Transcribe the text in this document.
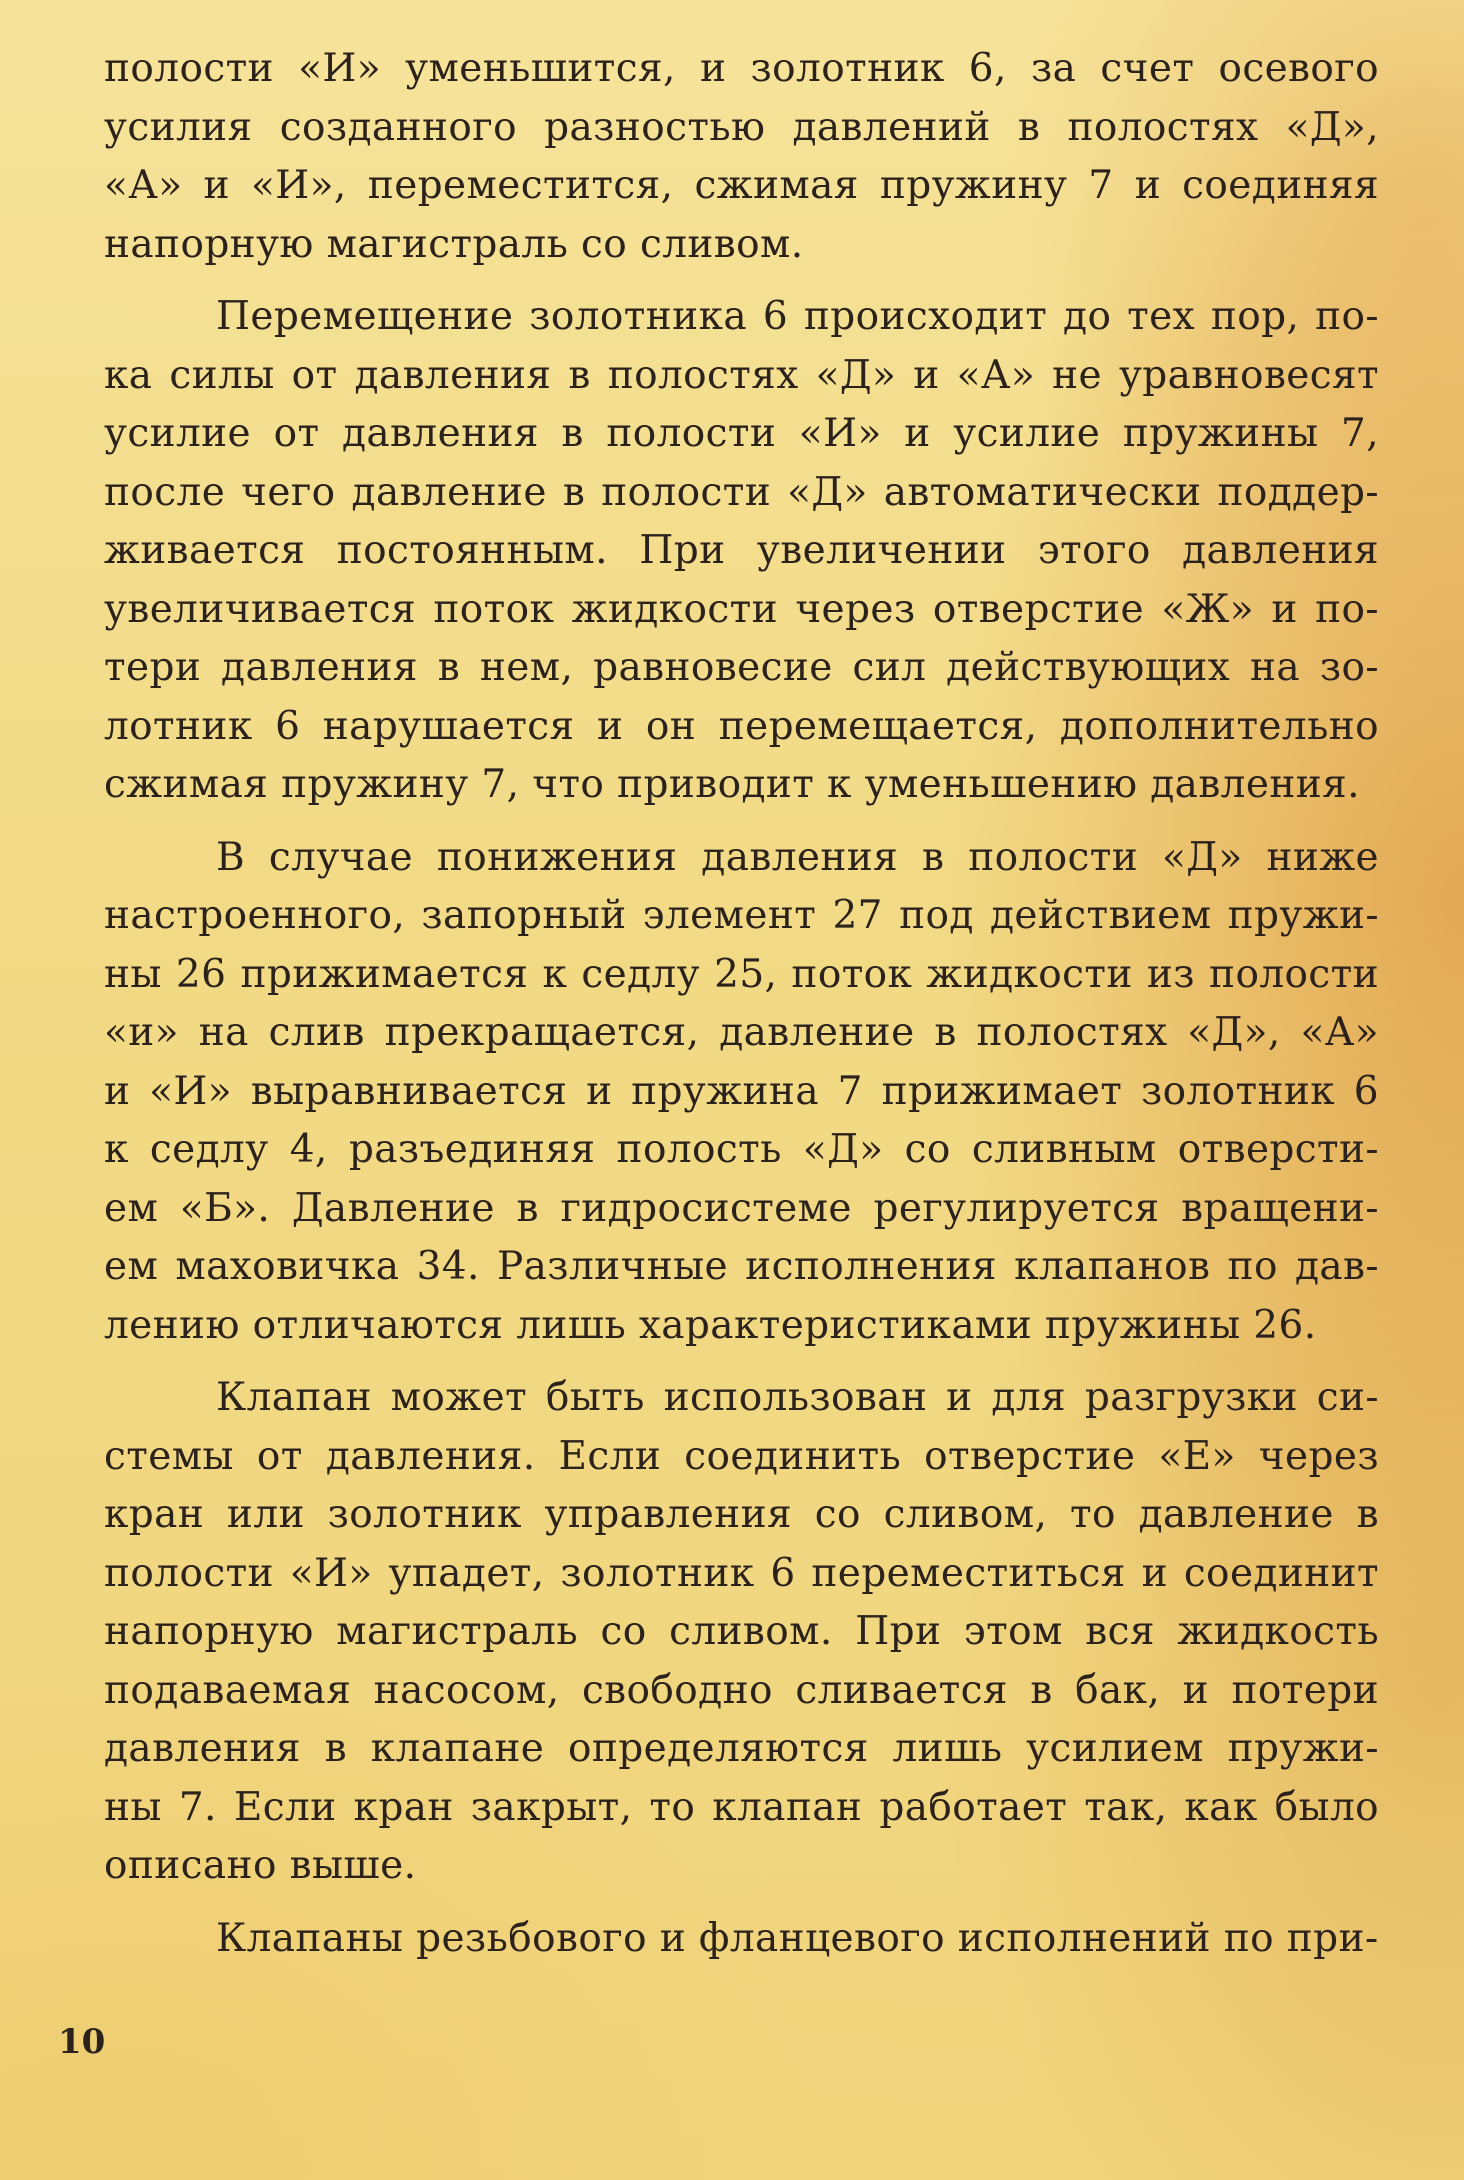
полости «И» уменьшится, и золотник 6, за счет осевого
усилия созданного разностью давлений в полостях «Д»,
«А» и «И», переместится, сжимая пружину 7 и соединяя
напорную магистраль со сливом.
Перемещение золотника 6 происходит до тех пор, по-
ка силы от давления в полостях «Д» и «А» не уравновесят
усилие от давления в полости «И» и усилие пружины 7,
после чего давление в полости «Д» автоматически поддер-
живается постоянным. При увеличении этого давления
увеличивается поток жидкости через отверстие «Ж» и по-
тери давления в нем, равновесие сил действующих на зо-
лотник 6 нарушается и он перемещается, дополнительно
сжимая пружину 7, что приводит к уменьшению давления.
В случае понижения давления в полости «Д» ниже
настроенного, запорный элемент 27 под действием пружи-
ны 26 прижимается к седлу 25, поток жидкости из полости
«и» на слив прекращается, давление в полостях «Д», «А»
и «И» выравнивается и пружина 7 прижимает золотник 6
к седлу 4, разъединяя полость «Д» со сливным отверсти-
ем «Б». Давление в гидросистеме регулируется вращени-
ем маховичка 34. Различные исполнения клапанов по дав-
лению отличаются лишь характеристиками пружины 26.
Клапан может быть использован и для разгрузки си-
стемы от давления. Если соединить отверстие «Е» через
кран или золотник управления со сливом, то давление в
полости «И» упадет, золотник 6 переместиться и соединит
напорную магистраль со сливом. При этом вся жидкость
подаваемая насосом, свободно сливается в бак, и потери
давления в клапане определяются лишь усилием пружи-
ны 7. Если кран закрыт, то клапан работает так, как было
описано выше.
Клапаны резьбового и фланцевого исполнений по при-
10
